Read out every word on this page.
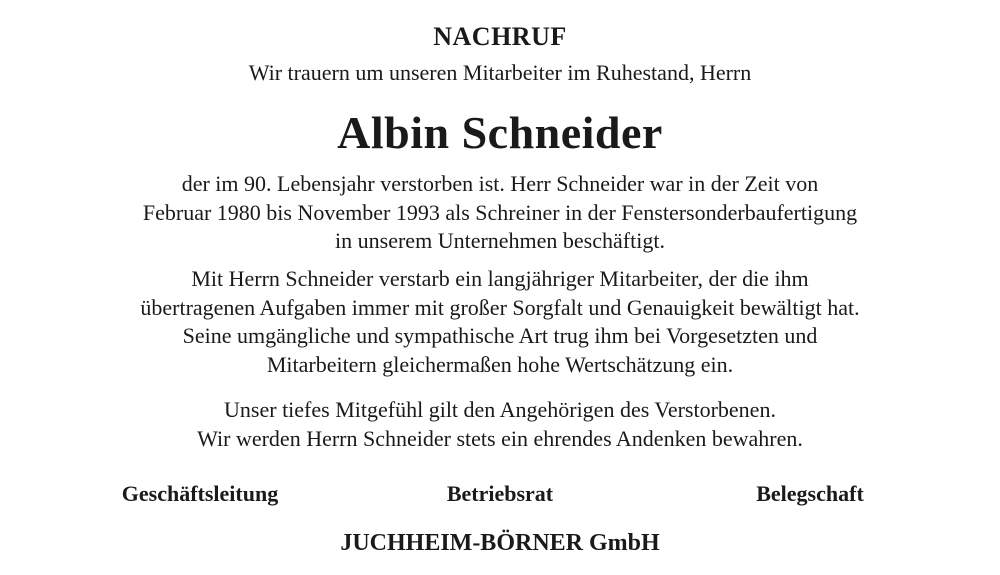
NACHRUF
Wir trauern um unseren Mitarbeiter im Ruhestand, Herrn
Albin Schneider
der im 90. Lebensjahr verstorben ist. Herr Schneider war in der Zeit von
Februar 1980 bis November 1993 als Schreiner in der Fenstersonderbaufertigung
in unserem Unternehmen beschäftigt.
Mit Herrn Schneider verstarb ein langjähriger Mitarbeiter, der die ihm
übertragenen Aufgaben immer mit großer Sorgfalt und Genauigkeit bewältigt hat.
Seine umgängliche und sympathische Art trug ihm bei Vorgesetzten und
Mitarbeitern gleichermaßen hohe Wertschätzung ein.
Unser tiefes Mitgefühl gilt den Angehörigen des Verstorbenen.
Wir werden Herrn Schneider stets ein ehrendes Andenken bewahren.
Geschäftsleitung	Betriebsrat	Belegschaft
JUCHHEIM-BÖRNER GmbH
